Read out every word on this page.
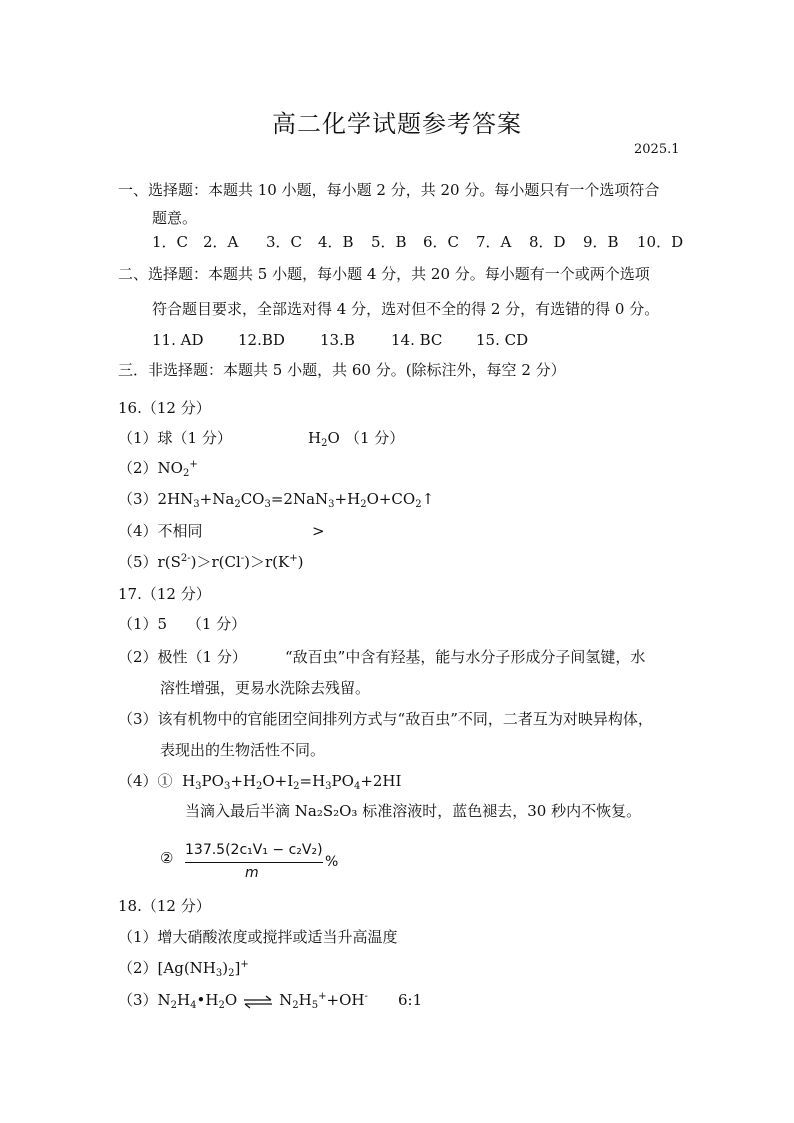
高二化学试题参考答案
2025.1
一、选择题：本题共 10 小题，每小题 2 分，共 20 分。每小题只有一个选项符合
题意。
1．C 2．A 3．C 4．B 5．B 6．C 7．A 8．D 9．B 10．D
二、选择题：本题共 5 小题，每小题 4 分，共 20 分。每小题有一个或两个选项
符合题目要求，全部选对得 4 分，选对但不全的得 2 分，有选错的得 0 分。
11. AD 12.BD 13.B 14. BC 15. CD
三．非选择题：本题共 5 小题，共 60 分。(除标注外，每空 2 分）
16.（12 分）
（1）球（1 分）	$H_2O$ （1 分）
$(2)NO_2^+$
$(3)2HN_3+Na_2CO_3=2NaN_3+H_2O+CO_2↑$
（4）不相同	>
$(5)r(S^{2-})>r(Cl^-)>r(K^+)$
17.（12 分）
（1）5　 （1 分）
（2）极性（1 分）	“敌百虫”中含有羟基，能与水分子形成分子间氢键，水
溶性增强，更易水洗除去残留。
（3）该有机物中的官能团空间排列方式与“敌百虫”不同，二者互为对映异构体，
表现出的生物活性不同。
（4）①  $H_3PO_3+H_2O+I_2=H_3PO_4+2HI$
当滴入最后半滴 Na₂S₂O₃ 标准溶液时，蓝色褪去，30 秒内不恢复。
② 137.5(2c₁V₁ − c₂V₂)
m
%
18.（12 分）
（1）增大硝酸浓度或搅拌或适当升高温度
$(2)[Ag(NH_3)_2]^+$
$(3)N_2H_4•H_2O$ ⇌ $N_2H_5^++OH^-$ 6:1
